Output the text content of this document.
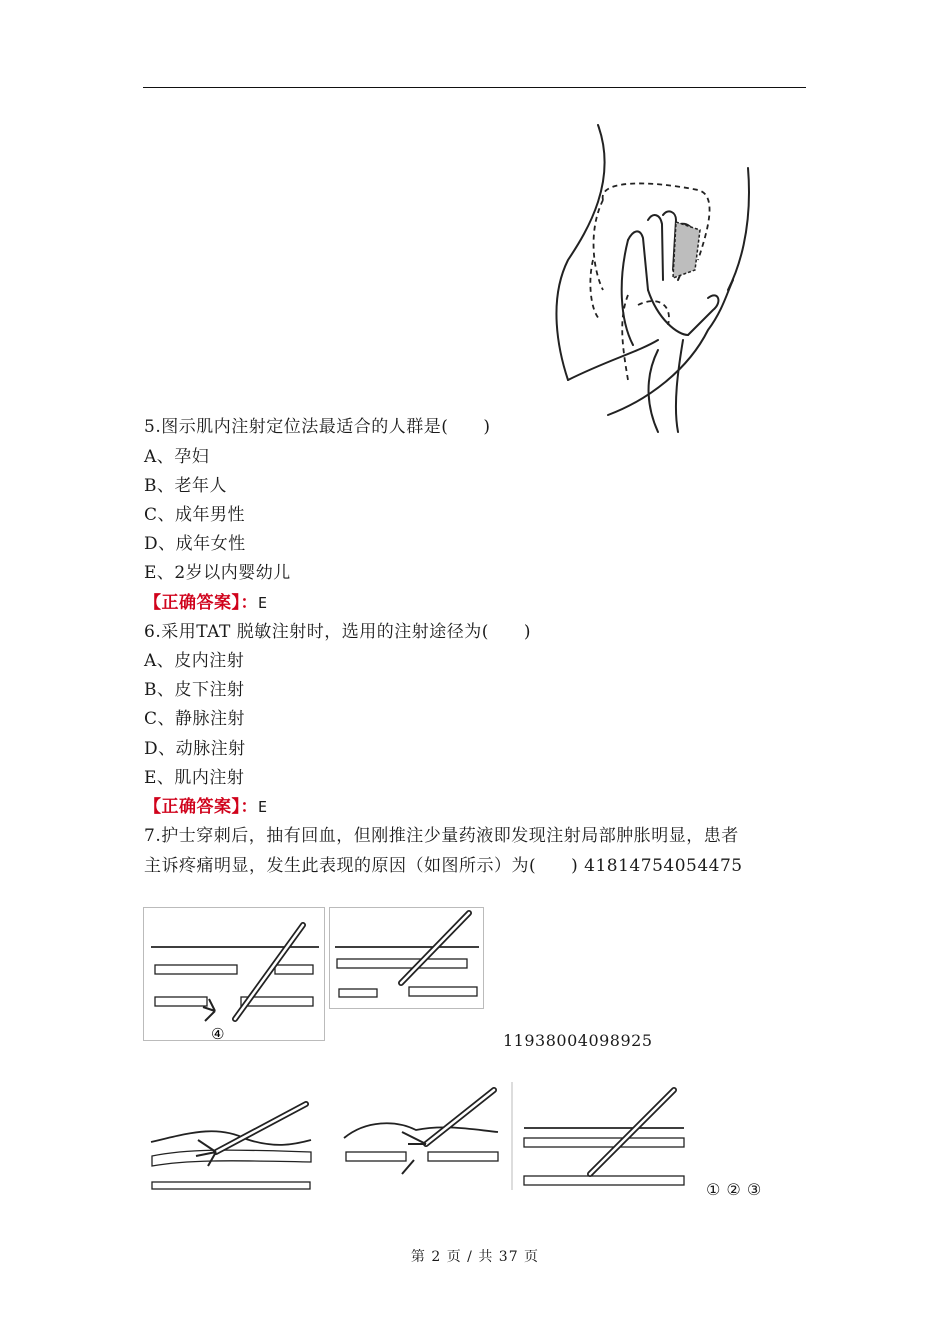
5.图示肌内注射定位法最适合的人群是(　　)
A、孕妇
B、老年人
C、成年男性
D、成年女性
E、2岁以内婴幼儿
【正确答案】：E
6.采用TAT 脱敏注射时，选用的注射途径为(　　)
A、皮内注射
B、皮下注射
C、静脉注射
D、动脉注射
E、肌内注射
【正确答案】：E
7.护士穿刺后，抽有回血，但刚推注少量药液即发现注射局部肿胀明显，患者
主诉疼痛明显，发生此表现的原因（如图所示）为(　　) 41814754054475
④	11938004098925
① ② ③
第 2 页 / 共 37 页
